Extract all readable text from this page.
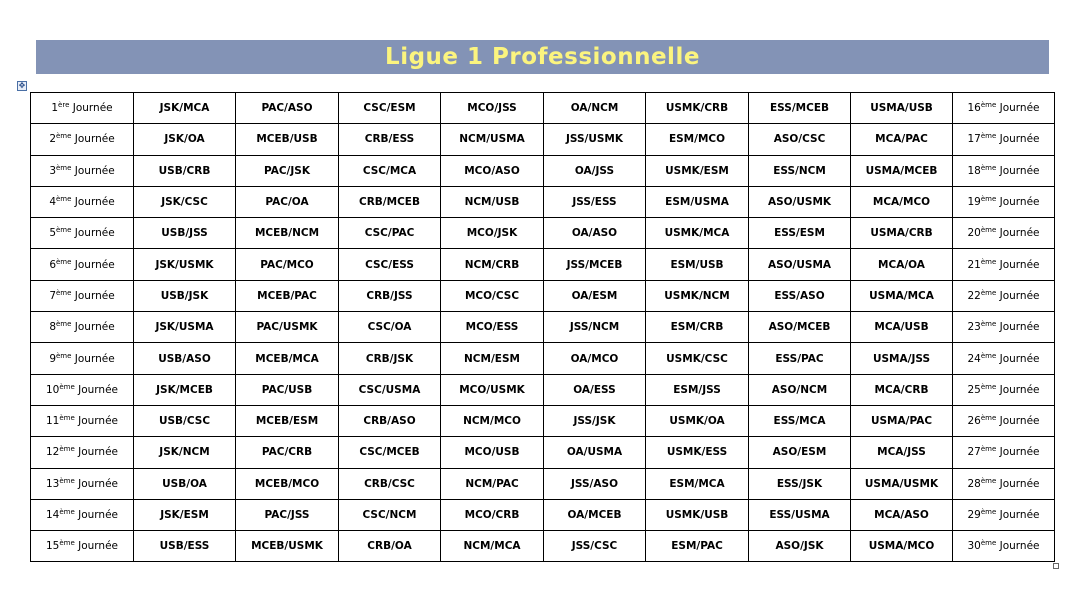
Ligue 1 Professionnelle
✥
1ère Journée	JSK/MCA	PAC/ASO	CSC/ESM	MCO/JSS	OA/NCM	USMK/CRB	ESS/MCEB	USMA/USB	16ème Journée
2ème Journée	JSK/OA	MCEB/USB	CRB/ESS	NCM/USMA	JSS/USMK	ESM/MCO	ASO/CSC	MCA/PAC	17ème Journée
3ème Journée	USB/CRB	PAC/JSK	CSC/MCA	MCO/ASO	OA/JSS	USMK/ESM	ESS/NCM	USMA/MCEB	18ème Journée
4ème Journée	JSK/CSC	PAC/OA	CRB/MCEB	NCM/USB	JSS/ESS	ESM/USMA	ASO/USMK	MCA/MCO	19ème Journée
5ème Journée	USB/JSS	MCEB/NCM	CSC/PAC	MCO/JSK	OA/ASO	USMK/MCA	ESS/ESM	USMA/CRB	20ème Journée
6ème Journée	JSK/USMK	PAC/MCO	CSC/ESS	NCM/CRB	JSS/MCEB	ESM/USB	ASO/USMA	MCA/OA	21ème Journée
7ème Journée	USB/JSK	MCEB/PAC	CRB/JSS	MCO/CSC	OA/ESM	USMK/NCM	ESS/ASO	USMA/MCA	22ème Journée
8ème Journée	JSK/USMA	PAC/USMK	CSC/OA	MCO/ESS	JSS/NCM	ESM/CRB	ASO/MCEB	MCA/USB	23ème Journée
9ème Journée	USB/ASO	MCEB/MCA	CRB/JSK	NCM/ESM	OA/MCO	USMK/CSC	ESS/PAC	USMA/JSS	24ème Journée
10ème Journée	JSK/MCEB	PAC/USB	CSC/USMA	MCO/USMK	OA/ESS	ESM/JSS	ASO/NCM	MCA/CRB	25ème Journée
11ème Journée	USB/CSC	MCEB/ESM	CRB/ASO	NCM/MCO	JSS/JSK	USMK/OA	ESS/MCA	USMA/PAC	26ème Journée
12ème Journée	JSK/NCM	PAC/CRB	CSC/MCEB	MCO/USB	OA/USMA	USMK/ESS	ASO/ESM	MCA/JSS	27ème Journée
13ème Journée	USB/OA	MCEB/MCO	CRB/CSC	NCM/PAC	JSS/ASO	ESM/MCA	ESS/JSK	USMA/USMK	28ème Journée
14ème Journée	JSK/ESM	PAC/JSS	CSC/NCM	MCO/CRB	OA/MCEB	USMK/USB	ESS/USMA	MCA/ASO	29ème Journée
15ème Journée	USB/ESS	MCEB/USMK	CRB/OA	NCM/MCA	JSS/CSC	ESM/PAC	ASO/JSK	USMA/MCO	30ème Journée
